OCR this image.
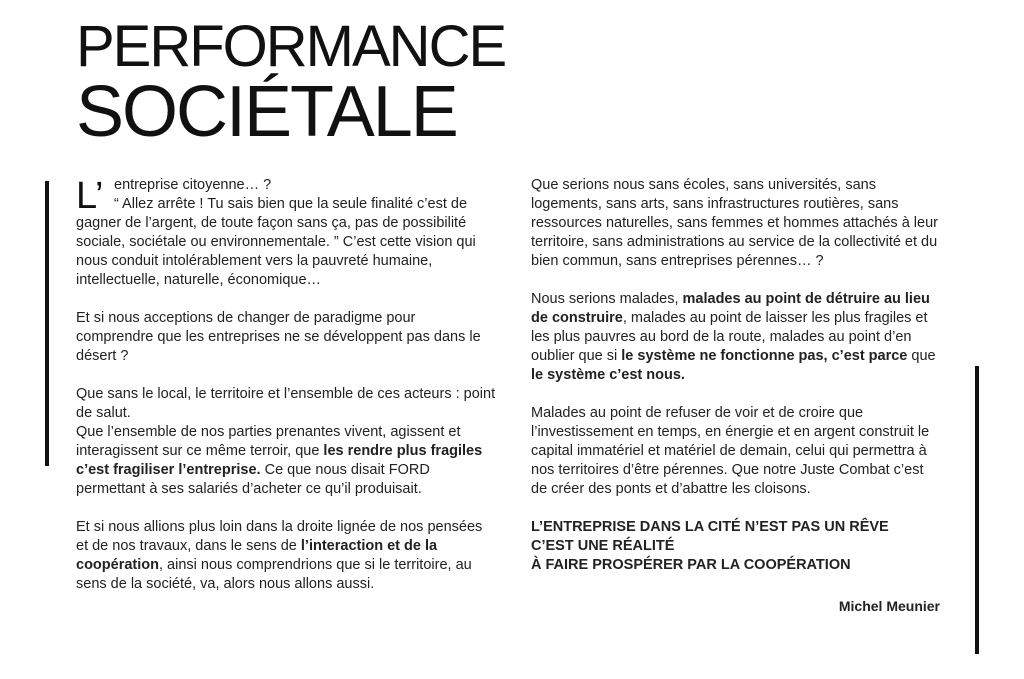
PERFORMANCE
SOCIÉTALE

L’ entreprise citoyenne… ?
“ Allez arrête ! Tu sais bien que la seule finalité c’est de
gagner de l’argent, de toute façon sans ça, pas de possibilité sociale, sociétale ou environnementale. ” C’est cette vision qui nous conduit intolérablement vers la pauvreté humaine, intellectuelle, naturelle, économique…

Et si nous acceptions de changer de paradigme pour comprendre que les entreprises ne se développent pas dans le désert ?

Que sans le local, le territoire et l’ensemble de ces acteurs : point de salut.
Que l’ensemble de nos parties prenantes vivent, agissent et interagissent sur ce même terroir, que les rendre plus fragiles c’est fragiliser l’entreprise. Ce que nous disait FORD permettant à ses salariés d’acheter ce qu’il produisait.

Et si nous allions plus loin dans la droite lignée de nos pensées et de nos travaux, dans le sens de l’interaction et de la coopération, ainsi nous comprendrions que si le territoire, au sens de la société, va, alors nous allons aussi.

Que serions nous sans écoles, sans universités, sans logements, sans arts, sans infrastructures routières, sans ressources naturelles, sans femmes et hommes attachés à leur territoire, sans administrations au service de la collectivité et du bien commun, sans entreprises pérennes… ?

Nous serions malades, malades au point de détruire au lieu de construire, malades au point de laisser les plus fragiles et les plus pauvres au bord de la route, malades au point d’en oublier que si le système ne fonctionne pas, c’est parce que le système c’est nous.

Malades au point de refuser de voir et de croire que l’investissement en temps, en énergie et en argent construit le capital immatériel et matériel de demain, celui qui permettra à nos territoires d’être pérennes. Que notre Juste Combat c’est de créer des ponts et d’abattre les cloisons.

L’ENTREPRISE DANS LA CITÉ N’EST PAS UN RÊVE
C’EST UNE RÉALITÉ
À FAIRE PROSPÉRER PAR LA COOPÉRATION

Michel Meunier
